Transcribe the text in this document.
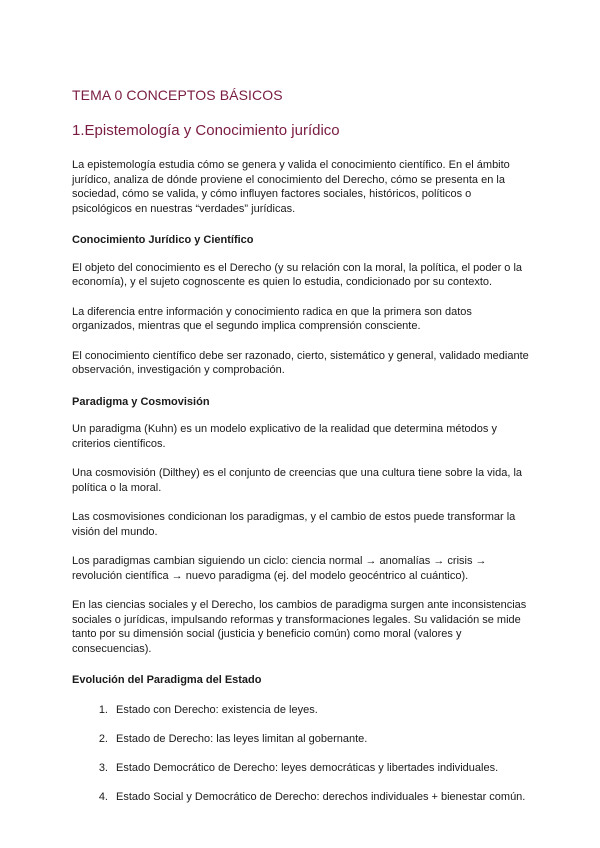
TEMA 0 CONCEPTOS BÁSICOS
1.Epistemología y Conocimiento jurídico

La epistemología estudia cómo se genera y valida el conocimiento científico. En el ámbito jurídico, analiza de dónde proviene el conocimiento del Derecho, cómo se presenta en la sociedad, cómo se valida, y cómo influyen factores sociales, históricos, políticos o psicológicos en nuestras “verdades” jurídicas.

Conocimiento Jurídico y Científico

El objeto del conocimiento es el Derecho (y su relación con la moral, la política, el poder o la economía), y el sujeto cognoscente es quien lo estudia, condicionado por su contexto.

La diferencia entre información y conocimiento radica en que la primera son datos organizados, mientras que el segundo implica comprensión consciente.

El conocimiento científico debe ser razonado, cierto, sistemático y general, validado mediante observación, investigación y comprobación.

Paradigma y Cosmovisión

Un paradigma (Kuhn) es un modelo explicativo de la realidad que determina métodos y criterios científicos.

Una cosmovisión (Dilthey) es el conjunto de creencias que una cultura tiene sobre la vida, la política o la moral.

Las cosmovisiones condicionan los paradigmas, y el cambio de estos puede transformar la visión del mundo.

Los paradigmas cambian siguiendo un ciclo: ciencia normal → anomalías → crisis → revolución científica → nuevo paradigma (ej. del modelo geocéntrico al cuántico).

En las ciencias sociales y el Derecho, los cambios de paradigma surgen ante inconsistencias sociales o jurídicas, impulsando reformas y transformaciones legales. Su validación se mide tanto por su dimensión social (justicia y beneficio común) como moral (valores y consecuencias).

Evolución del Paradigma del Estado
1. Estado con Derecho: existencia de leyes.
2. Estado de Derecho: las leyes limitan al gobernante.
3. Estado Democrático de Derecho: leyes democráticas y libertades individuales.
4. Estado Social y Democrático de Derecho: derechos individuales + bienestar común.
